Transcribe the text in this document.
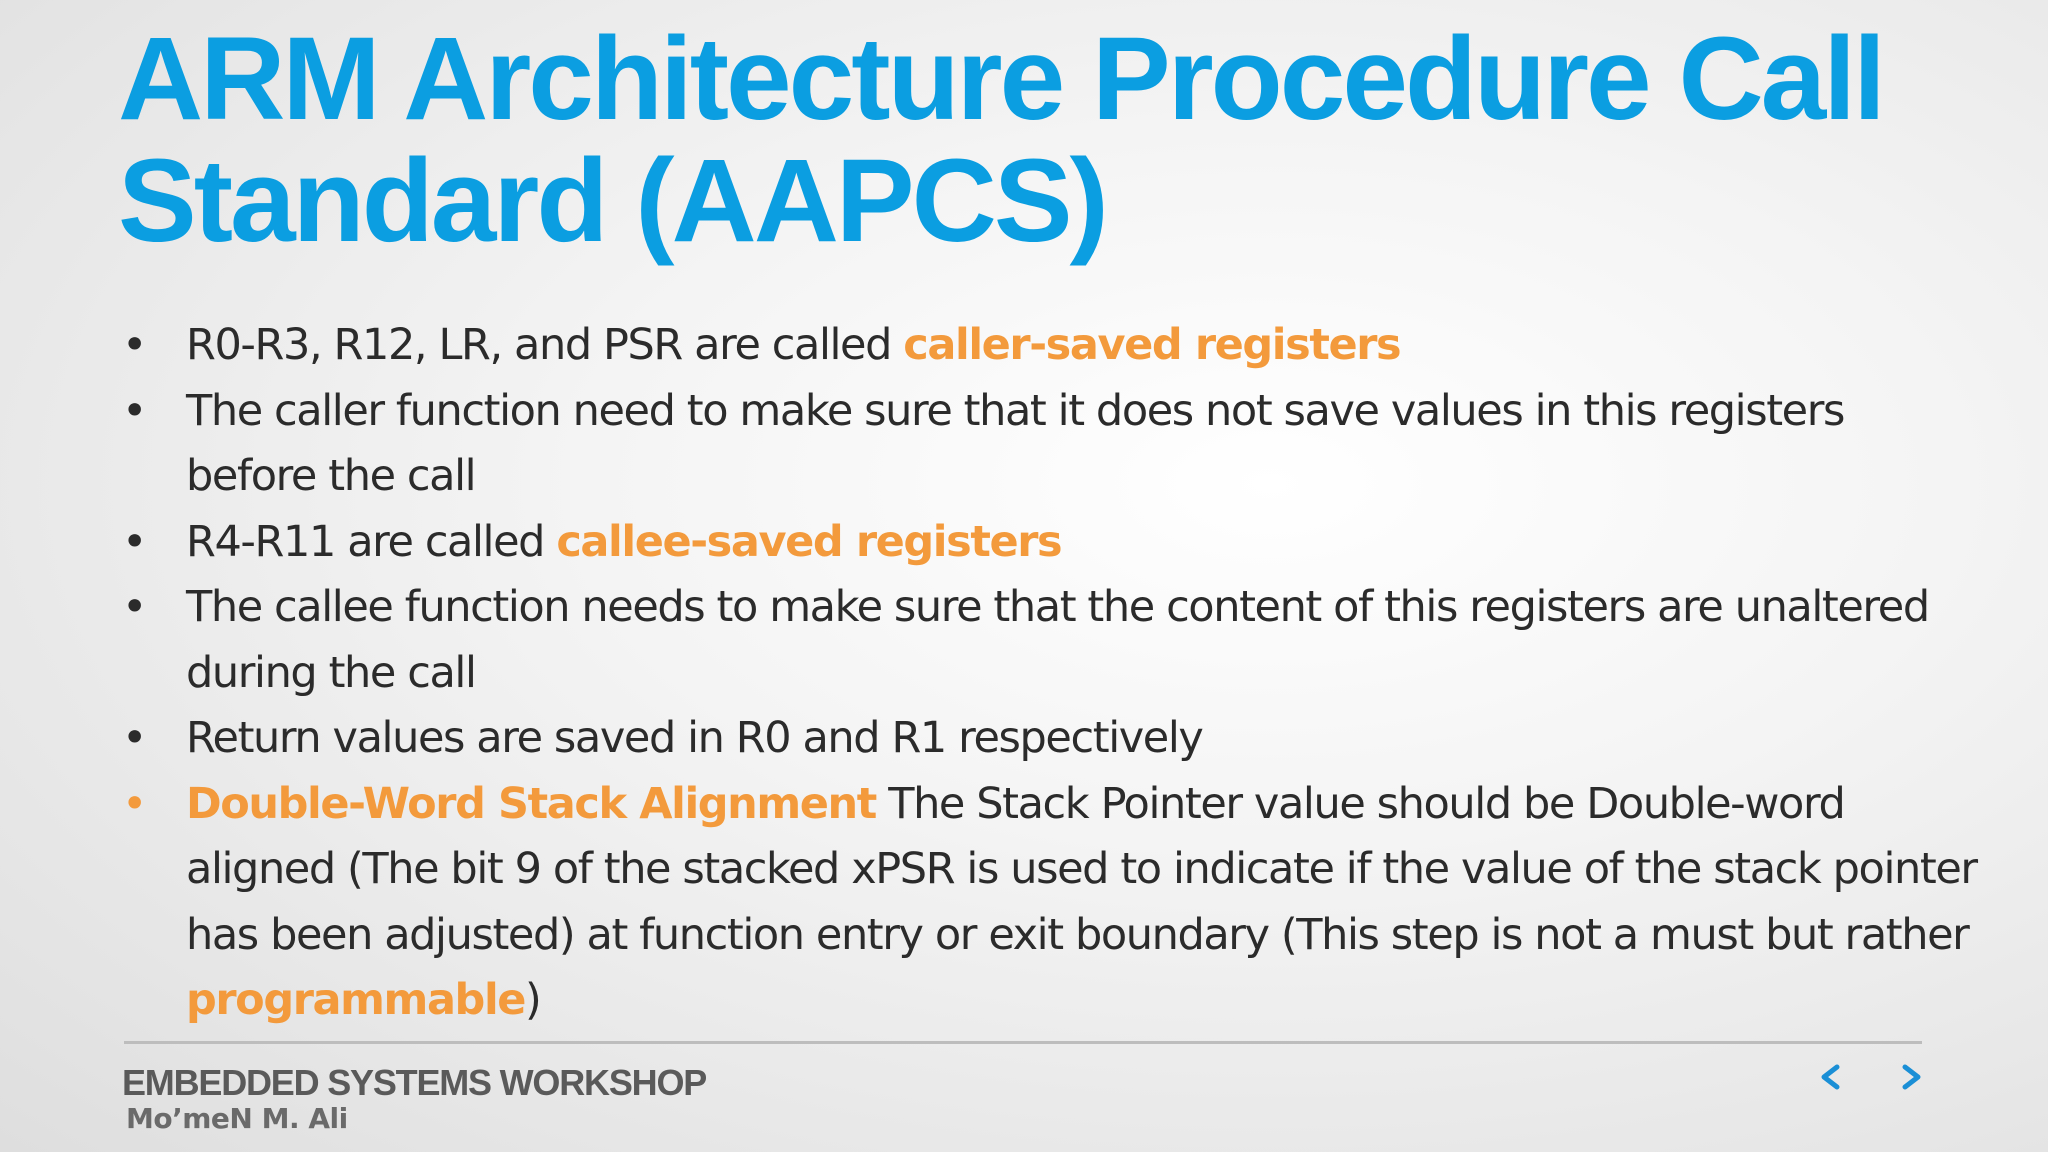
ARM Architecture Procedure Call
Standard (AAPCS)
• R0-R3, R12, LR, and PSR are called caller-saved registers
• The caller function need to make sure that it does not save values in this registers before the call
• R4-R11 are called callee-saved registers
• The callee function needs to make sure that the content of this registers are unaltered during the call
• Return values are saved in R0 and R1 respectively
• Double-Word Stack Alignment The Stack Pointer value should be Double-word aligned (The bit 9 of the stacked xPSR is used to indicate if the value of the stack pointer has been adjusted) at function entry or exit boundary (This step is not a must but rather programmable)
EMBEDDED SYSTEMS WORKSHOP
Mo’meN M. Ali
